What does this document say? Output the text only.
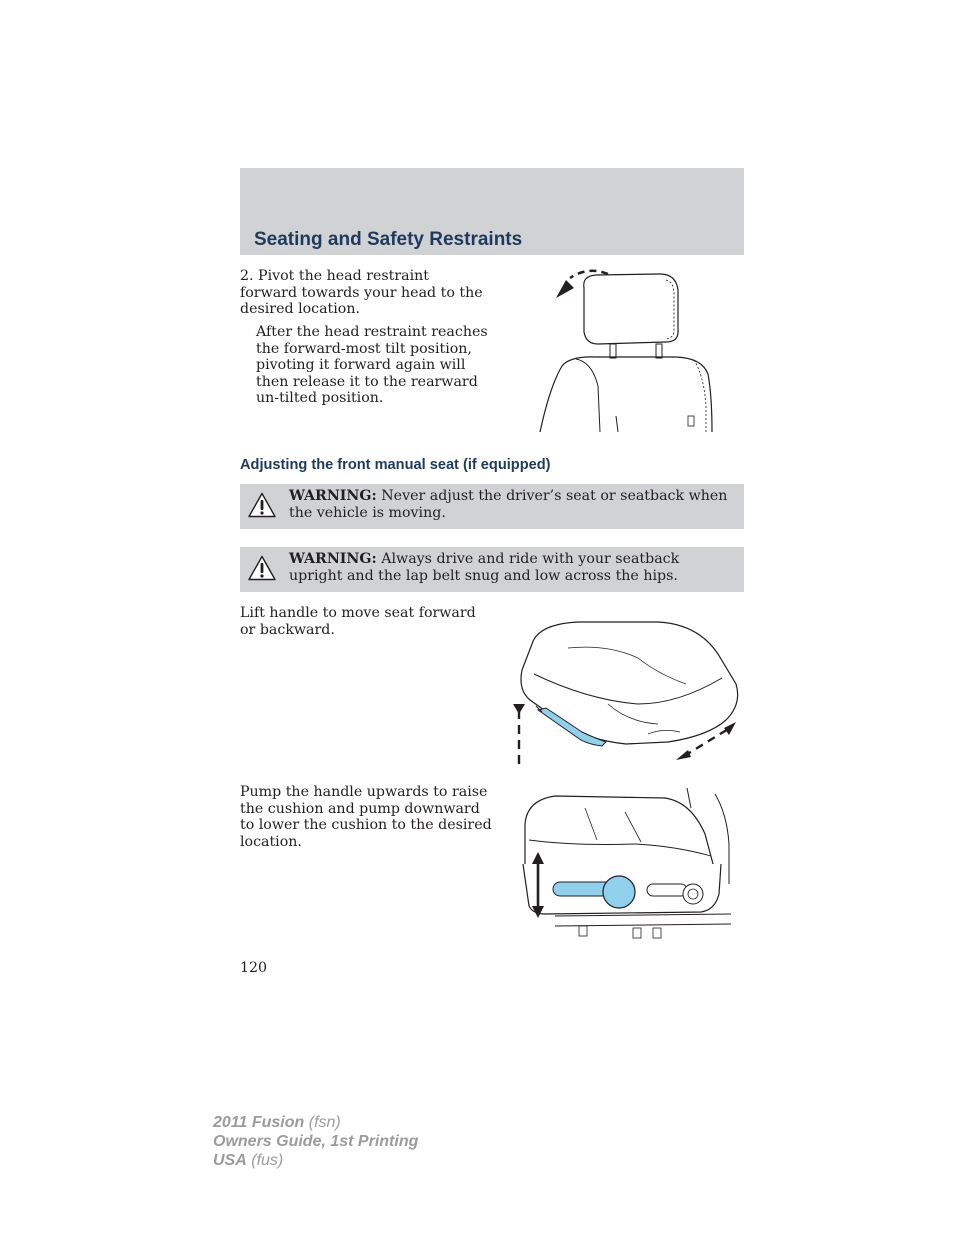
Seating and Safety Restraints

2. Pivot the head restraint forward towards your head to the desired location.

After the head restraint reaches the forward-most tilt position, pivoting it forward again will then release it to the rearward un-tilted position.

Adjusting the front manual seat (if equipped)

WARNING: Never adjust the driver’s seat or seatback when the vehicle is moving.

WARNING: Always drive and ride with your seatback upright and the lap belt snug and low across the hips.

Lift handle to move seat forward or backward.

Pump the handle upwards to raise the cushion and pump downward to lower the cushion to the desired location.

120

2011 Fusion (fsn)
Owners Guide, 1st Printing
USA (fus)
